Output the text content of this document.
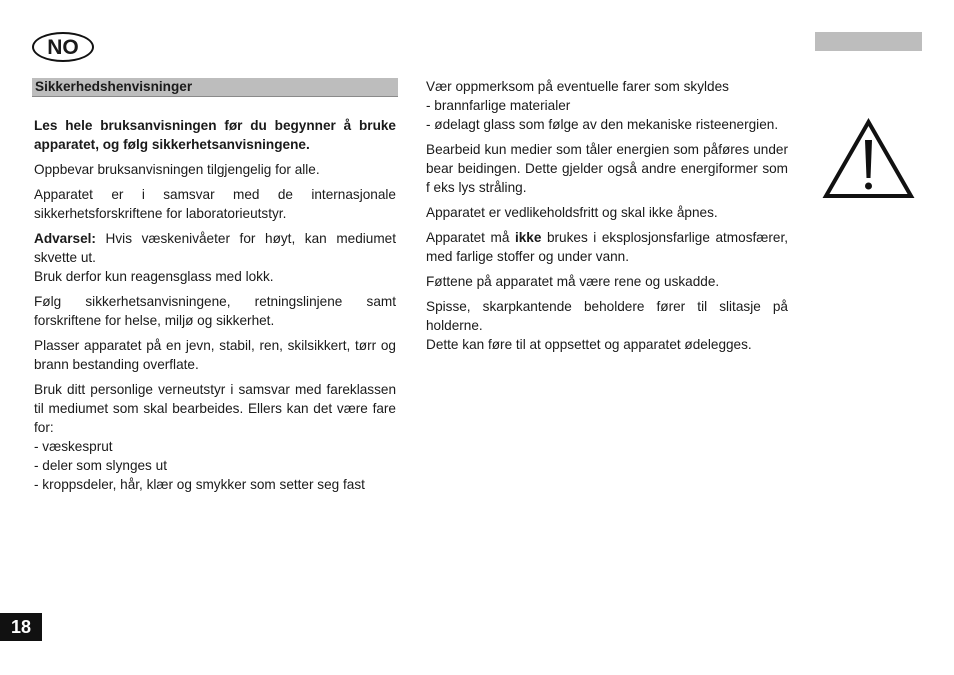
NO
Sikkerhedshenvisninger

Les hele bruksanvisningen før du begynner å bruke apparatet, og følg sikkerhetsanvisningene.

Oppbevar bruksanvisningen tilgjengelig for alle.

Apparatet er i samsvar med de internasjonale sikkerhetsforskriftene for laboratorieutstyr.

Advarsel: Hvis væskenivåeter for høyt, kan mediumet skvette ut.
Bruk derfor kun reagensglass med lokk.

Følg sikkerhetsanvisningene, retningslinjene samt forskriftene for helse, miljø og sikkerhet.

Plasser apparatet på en jevn, stabil, ren, skilsikkert, tørr og brann bestanding overflate.

Bruk ditt personlige verneutstyr i samsvar med fareklassen til mediumet som skal bearbeides. Ellers kan det være fare for:
- væskesprut
- deler som slynges ut
- kroppsdeler, hår, klær og smykker som setter seg fast

Vær oppmerksom på eventuelle farer som skyldes
- brannfarlige materialer
- ødelagt glass som følge av den mekaniske risteenergien.

Bearbeid kun medier som tåler energien som påføres under bear beidingen. Dette gjelder også andre energiformer som f eks lys stråling.

Apparatet er vedlikeholdsfritt og skal ikke åpnes.

Apparatet må ikke brukes i eksplosjonsfarlige atmosfærer, med farlige stoffer og under vann.

Føttene på apparatet må være rene og uskadde.

Spisse, skarpkantende beholdere fører til slitasje på holderne.
Dette kan føre til at oppsettet og apparatet ødelegges.

18
